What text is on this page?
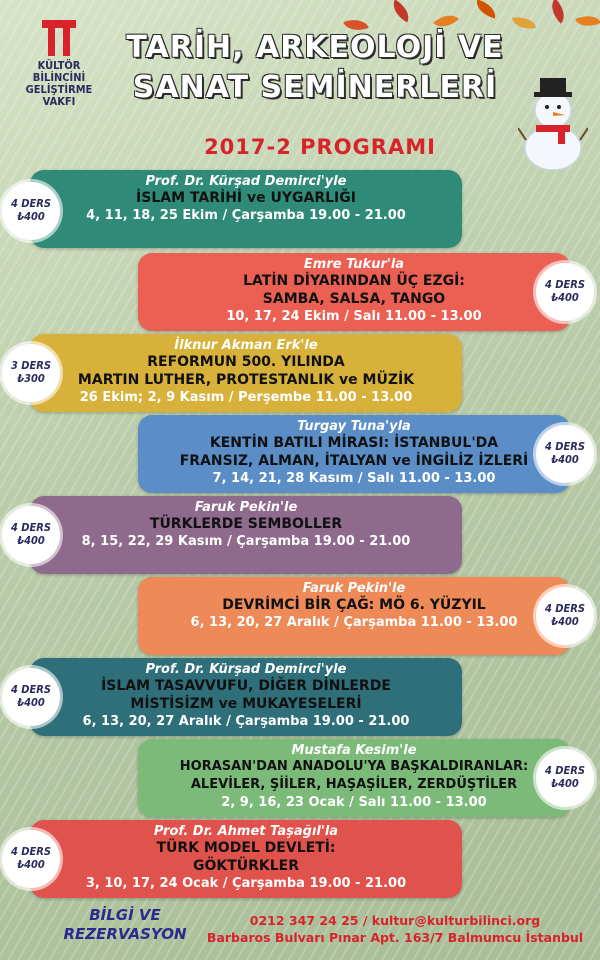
KÜLTÖR
BİLİNCİNİ
GELİŞTİRME
VAKFI
TARİH, ARKEOLOJİ VE
SANAT SEMİNERLERİ
2017-2 PROGRAMI
Prof. Dr. Kürşad Demirci'yle
İSLAM TARİHİ ve UYGARLIĞI
4, 11, 18, 25 Ekim / Çarşamba 19.00 - 21.00
4 DERS
₺400
Emre Tukur'la
LATİN DİYARINDAN ÜÇ EZGİ:
SAMBA, SALSA, TANGO
10, 17, 24 Ekim / Salı 11.00 - 13.00
4 DERS
₺400
İlknur Akman Erk'le
REFORMUN 500. YILINDA
MARTIN LUTHER, PROTESTANLIK ve MÜZİK
26 Ekim; 2, 9 Kasım / Perşembe 11.00 - 13.00
3 DERS
₺300
Turgay Tuna'yla
KENTİN BATILI MİRASI: İSTANBUL'DA
FRANSIZ, ALMAN, İTALYAN ve İNGİLİZ İZLERİ
7, 14, 21, 28 Kasım / Salı 11.00 - 13.00
4 DERS
₺400
Faruk Pekin'le
TÜRKLERDE SEMBOLLER
8, 15, 22, 29 Kasım / Çarşamba 19.00 - 21.00
4 DERS
₺400
Faruk Pekin'le
DEVRİMCİ BİR ÇAĞ: MÖ 6. YÜZYIL
6, 13, 20, 27 Aralık / Çarşamba 11.00 - 13.00
4 DERS
₺400
Prof. Dr. Kürşad Demirci'yle
İSLAM TASAVVUFU, DİĞER DİNLERDE
MİSTİSİZM ve MUKAYESELERİ
6, 13, 20, 27 Aralık / Çarşamba 19.00 - 21.00
4 DERS
₺400
Mustafa Kesim'le
HORASAN'DAN ANADOLU'YA BAŞKALDIRANLAR:
ALEVİLER, ŞİİLER, HAŞAŞİLER, ZERDÜŞTİLER
2, 9, 16, 23 Ocak / Salı 11.00 - 13.00
4 DERS
₺400
Prof. Dr. Ahmet Taşağıl'la
TÜRK MODEL DEVLETİ:
GÖKTÜRKLER
3, 10, 17, 24 Ocak / Çarşamba 19.00 - 21.00
4 DERS
₺400
BİLGİ VE
REZERVASYON
0212 347 24 25 / kultur@kulturbilinci.org
Barbaros Bulvarı Pınar Apt. 163/7 Balmumcu İstanbul
